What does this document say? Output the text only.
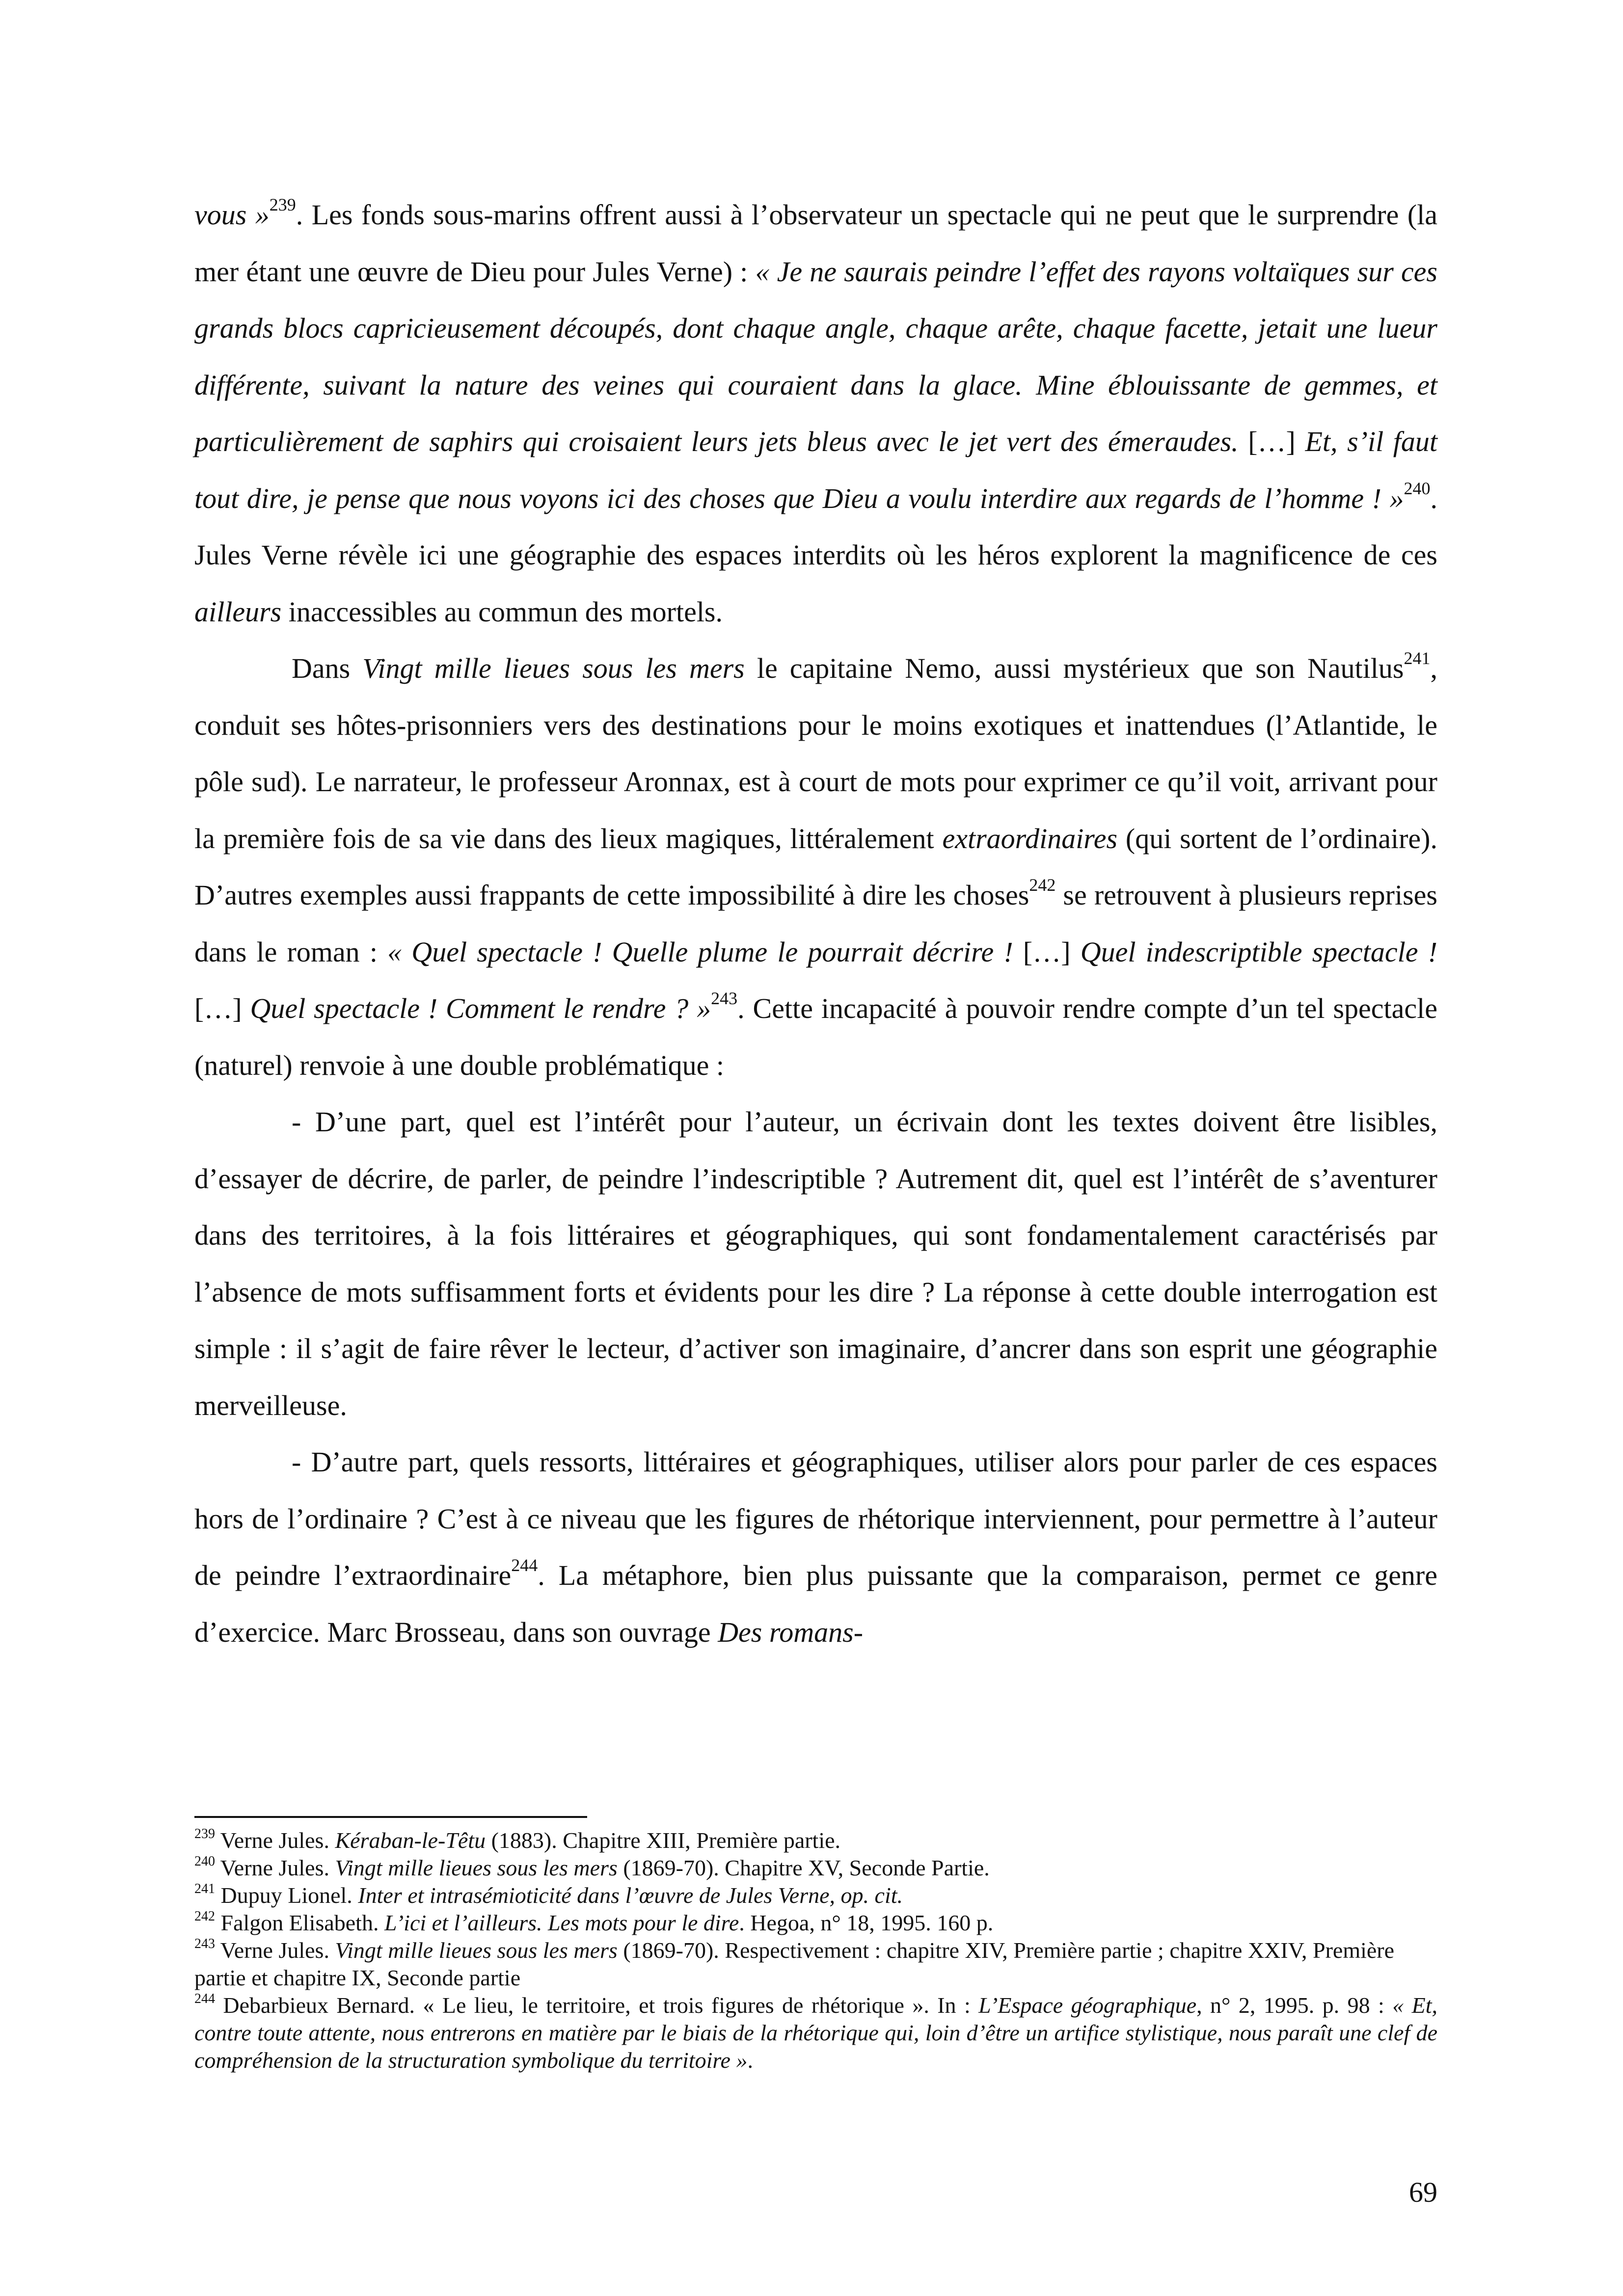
vous »$^{239}$. Les fonds sous-marins offrent aussi à l’observateur un spectacle qui ne peut que le surprendre (la mer étant une œuvre de Dieu pour Jules Verne) : « Je ne saurais peindre l’effet des rayons voltaïques sur ces grands blocs capricieusement découpés, dont chaque angle, chaque arête, chaque facette, jetait une lueur différente, suivant la nature des veines qui couraient dans la glace. Mine éblouissante de gemmes, et particulièrement de saphirs qui croisaient leurs jets bleus avec le jet vert des émeraudes. […] Et, s’il faut tout dire, je pense que nous voyons ici des choses que Dieu a voulu interdire aux regards de l’homme ! »$^{240}$. Jules Verne révèle ici une géographie des espaces interdits où les héros explorent la magnificence de ces ailleurs inaccessibles au commun des mortels.

Dans Vingt mille lieues sous les mers le capitaine Nemo, aussi mystérieux que son Nautilus$^{241}$, conduit ses hôtes-prisonniers vers des destinations pour le moins exotiques et inattendues (l’Atlantide, le pôle sud). Le narrateur, le professeur Aronnax, est à court de mots pour exprimer ce qu’il voit, arrivant pour la première fois de sa vie dans des lieux magiques, littéralement extraordinaires (qui sortent de l’ordinaire). D’autres exemples aussi frappants de cette impossibilité à dire les choses$^{242}$ se retrouvent à plusieurs reprises dans le roman : « Quel spectacle ! Quelle plume le pourrait décrire ! […] Quel indescriptible spectacle ! […] Quel spectacle ! Comment le rendre ? »$^{243}$. Cette incapacité à pouvoir rendre compte d’un tel spectacle (naturel) renvoie à une double problématique :

- D’une part, quel est l’intérêt pour l’auteur, un écrivain dont les textes doivent être lisibles, d’essayer de décrire, de parler, de peindre l’indescriptible ? Autrement dit, quel est l’intérêt de s’aventurer dans des territoires, à la fois littéraires et géographiques, qui sont fondamentalement caractérisés par l’absence de mots suffisamment forts et évidents pour les dire ? La réponse à cette double interrogation est simple : il s’agit de faire rêver le lecteur, d’activer son imaginaire, d’ancrer dans son esprit une géographie merveilleuse.

- D’autre part, quels ressorts, littéraires et géographiques, utiliser alors pour parler de ces espaces hors de l’ordinaire ? C’est à ce niveau que les figures de rhétorique interviennent, pour permettre à l’auteur de peindre l’extraordinaire$^{244}$. La métaphore, bien plus puissante que la comparaison, permet ce genre d’exercice. Marc Brosseau, dans son ouvrage Des romans-

$^{239}$ Verne Jules. Kéraban-le-Têtu (1883). Chapitre XIII, Première partie.

$^{240}$ Verne Jules. Vingt mille lieues sous les mers (1869-70). Chapitre XV, Seconde Partie.

$^{241}$ Dupuy Lionel. Inter et intrasémioticité dans l’œuvre de Jules Verne, op. cit.

$^{242}$ Falgon Elisabeth. L’ici et l’ailleurs. Les mots pour le dire. Hegoa, n° 18, 1995. 160 p.

$^{243}$ Verne Jules. Vingt mille lieues sous les mers (1869-70). Respectivement : chapitre XIV, Première partie ; chapitre XXIV, Première partie et chapitre IX, Seconde partie

$^{244}$ Debarbieux Bernard. « Le lieu, le territoire, et trois figures de rhétorique ». In : L’Espace géographique, n° 2, 1995. p. 98 : « Et, contre toute attente, nous entrerons en matière par le biais de la rhétorique qui, loin d’être un artifice stylistique, nous paraît une clef de compréhension de la structuration symbolique du territoire ».

69
